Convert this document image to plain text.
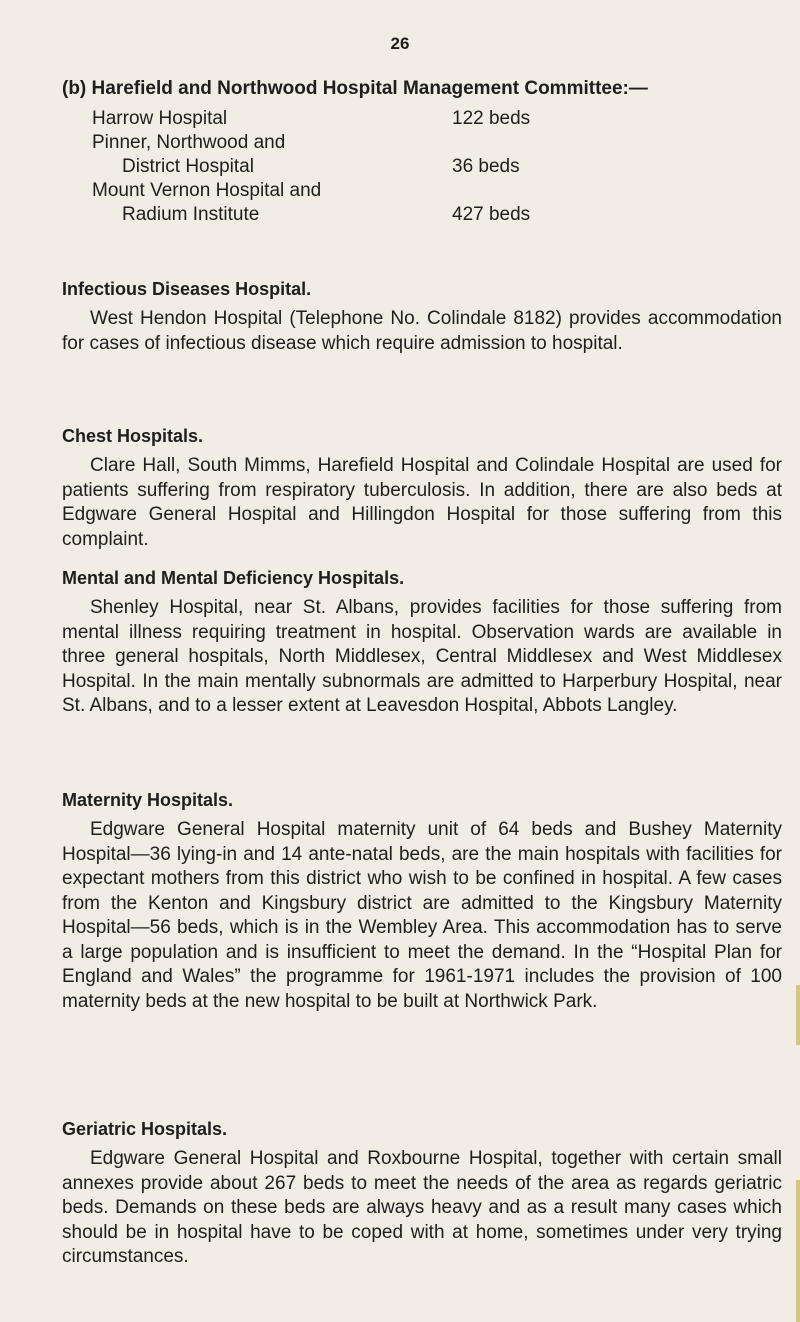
26
(b) Harefield and Northwood Hospital Management Committee:—
Harrow Hospital	122 beds
Pinner, Northwood and
District Hospital	36 beds
Mount Vernon Hospital and
Radium Institute	427 beds
Infectious Diseases Hospital.

West Hendon Hospital (Telephone No. Colindale 8182) provides accommodation for cases of infectious disease which require admission to hospital.

Chest Hospitals.

Clare Hall, South Mimms, Harefield Hospital and Colindale Hospital are used for patients suffering from respiratory tuberculosis. In addition, there are also beds at Edgware General Hospital and Hillingdon Hospital for those suffering from this complaint.

Mental and Mental Deficiency Hospitals.

Shenley Hospital, near St. Albans, provides facilities for those suffering from mental illness requiring treatment in hospital. Observation wards are available in three general hospitals, North Middlesex, Central Middlesex and West Middlesex Hospital. In the main mentally subnormals are admitted to Harperbury Hospital, near St. Albans, and to a lesser extent at Leavesdon Hospital, Abbots Langley.

Maternity Hospitals.

Edgware General Hospital maternity unit of 64 beds and Bushey Maternity Hospital—36 lying-in and 14 ante-natal beds, are the main hospitals with facilities for expectant mothers from this district who wish to be confined in hospital. A few cases from the Kenton and Kingsbury district are admitted to the Kingsbury Maternity Hospital—56 beds, which is in the Wembley Area. This accommodation has to serve a large population and is insufficient to meet the demand. In the “Hospital Plan for England and Wales” the programme for 1961-1971 includes the provision of 100 maternity beds at the new hospital to be built at Northwick Park.

Geriatric Hospitals.

Edgware General Hospital and Roxbourne Hospital, together with certain small annexes provide about 267 beds to meet the needs of the area as regards geriatric beds. Demands on these beds are always heavy and as a result many cases which should be in hospital have to be coped with at home, sometimes under very trying circumstances.
